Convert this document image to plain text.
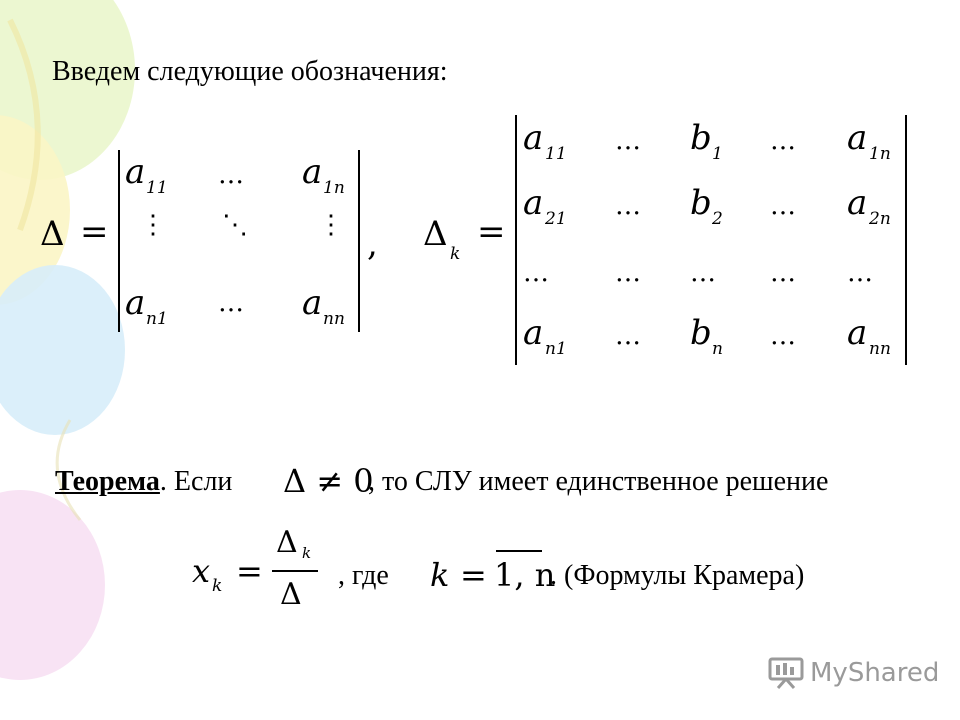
Введем следующие обозначения:
Δ =
a 11 … a 1n
⋮ ⋱	⋮
a n1
… a nn
, Δ k
=
a 11 … b 1 … a 1n
a 21 … b 2 … a 2n
…	… … … …
a n1 … b n … a nn
Теорема. Если Δ ≠ 0
, то СЛУ имеет единственное решение
x k =
Δ k
Δ
, где k = 1, n
. (Формулы Крамера)
MyShared
